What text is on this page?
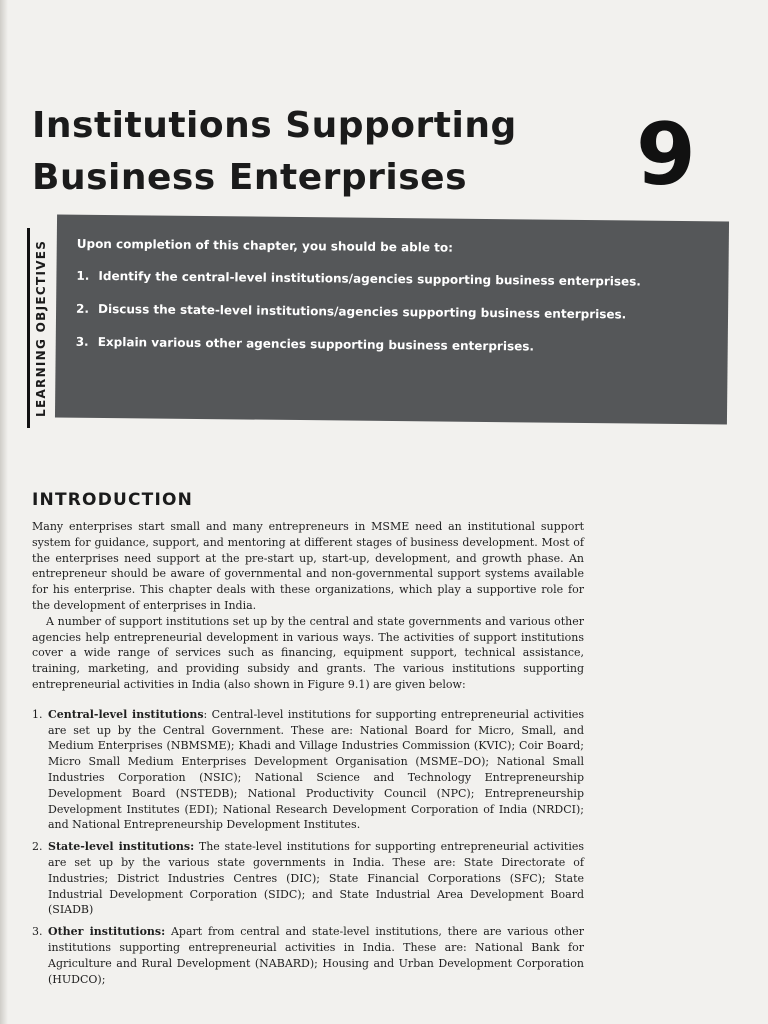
Institutions Supporting
Business Enterprises	9
LEARNING OBJECTIVES	Upon completion of this chapter, you should be able to:
1. Identify the central-level institutions/agencies supporting business enterprises.
2. Discuss the state-level institutions/agencies supporting business enterprises.
3. Explain various other agencies supporting business enterprises.
INTRODUCTION

Many enterprises start small and many entrepreneurs in MSME need an institutional support system for guidance, support, and mentoring at different stages of business development. Most of the enterprises need support at the pre-start up, start-up, development, and growth phase. An entrepreneur should be aware of governmental and non-governmental support systems available for his enterprise. This chapter deals with these organizations, which play a supportive role for the development of enterprises in India.

A number of support institutions set up by the central and state governments and various other agencies help entrepreneurial development in various ways. The activities of support institutions cover a wide range of services such as financing, equipment support, technical assistance, training, marketing, and providing subsidy and grants. The various institutions supporting entrepreneurial activities in India (also shown in Figure 9.1) are given below:

1. Central-level institutions: Central-level institutions for supporting entrepreneurial activities are set up by the Central Government. These are: National Board for Micro, Small, and Medium Enterprises (NBMSME); Khadi and Village Industries Commission (KVIC); Coir Board; Micro Small Medium Enterprises Development Organisation (MSME–DO); National Small Industries Corporation (NSIC); National Science and Technology Entrepreneurship Development Board (NSTEDB); National Productivity Council (NPC); Entrepreneurship Development Institutes (EDI); National Research Development Corporation of India (NRDCI); and National Entrepreneurship Development Institutes.
2. State-level institutions: The state-level institutions for supporting entrepreneurial activities are set up by the various state governments in India. These are: State Directorate of Industries; District Industries Centres (DIC); State Financial Corporations (SFC); State Industrial Development Corporation (SIDC); and State Industrial Area Development Board (SIADB)
3. Other institutions: Apart from central and state-level institutions, there are various other institutions supporting entrepreneurial activities in India. These are: National Bank for Agriculture and Rural Development (NABARD); Housing and Urban Development Corporation (HUDCO);
